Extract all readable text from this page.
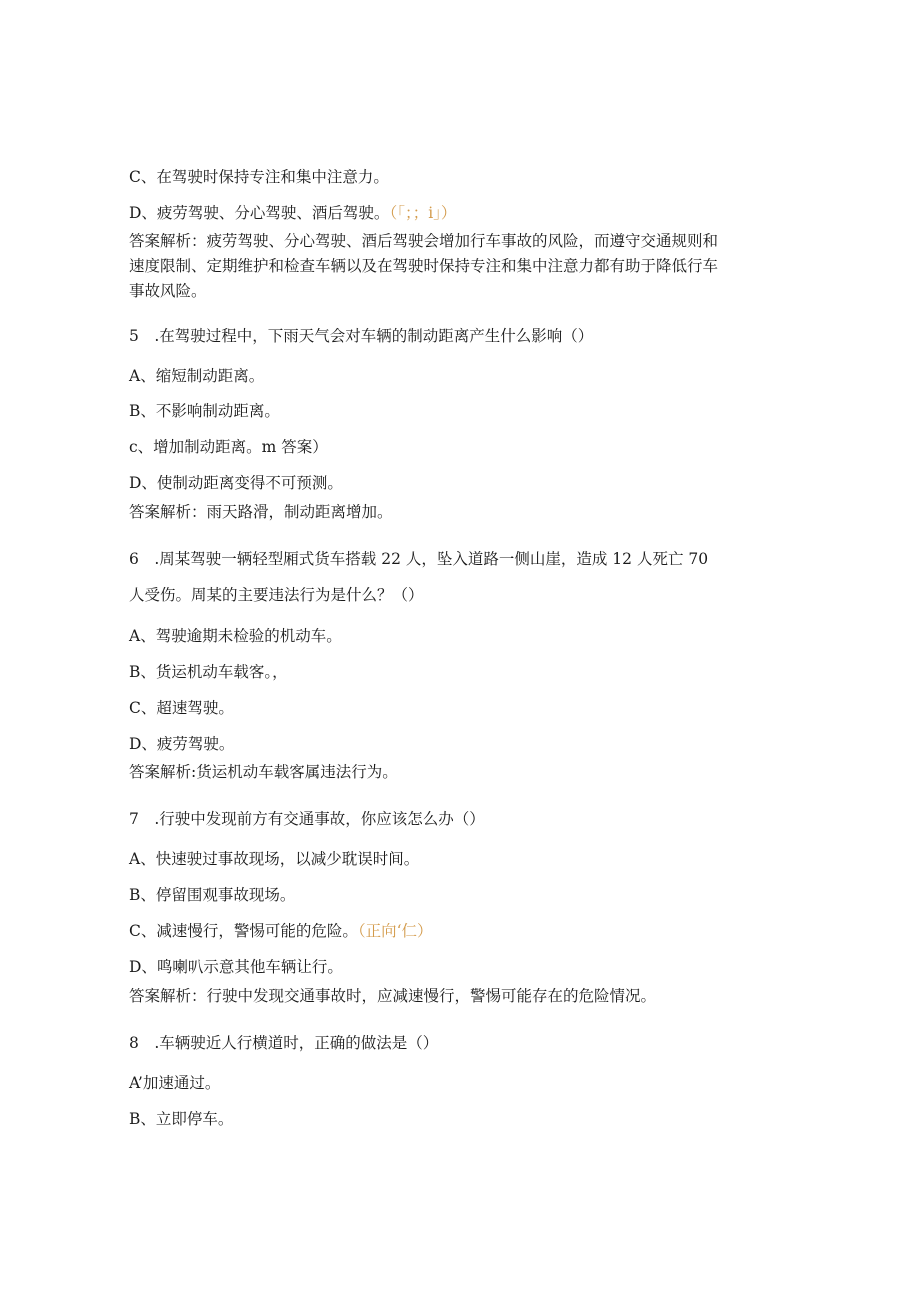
C、在驾驶时保持专注和集中注意力。
D、疲劳驾驶、分心驾驶、酒后驾驶。（「；；i」）
答案解析：疲劳驾驶、分心驾驶、酒后驾驶会增加行车事故的风险，而遵守交通规则和
速度限制、定期维护和检查车辆以及在驾驶时保持专注和集中注意力都有助于降低行车
事故风险。
5　.在驾驶过程中，下雨天气会对车辆的制动距离产生什么影响（）
A、缩短制动距离。
B、不影响制动距离。
c、增加制动距离。m 答案）
D、使制动距离变得不可预测。
答案解析：雨天路滑，制动距离增加。
6　.周某驾驶一辆轻型厢式货车搭载 22 人，坠入道路一侧山崖，造成 12 人死亡 70
人受伤。周某的主要违法行为是什么？（）
A、驾驶逾期未检验的机动车。
B、货运机动车载客。，
C、超速驾驶。
D、疲劳驾驶。
答案解析:货运机动车载客属违法行为。
7　.行驶中发现前方有交通事故，你应该怎么办（）
A、快速驶过事故现场，以减少耽误时间。
B、停留围观事故现场。
C、减速慢行，警惕可能的危险。（正向‘仁）
D、鸣喇叭示意其他车辆让行。
答案解析：行驶中发现交通事故时，应减速慢行，警惕可能存在的危险情况。
8　.车辆驶近人行横道时，正确的做法是（）
A’加速通过。
B、立即停车。
